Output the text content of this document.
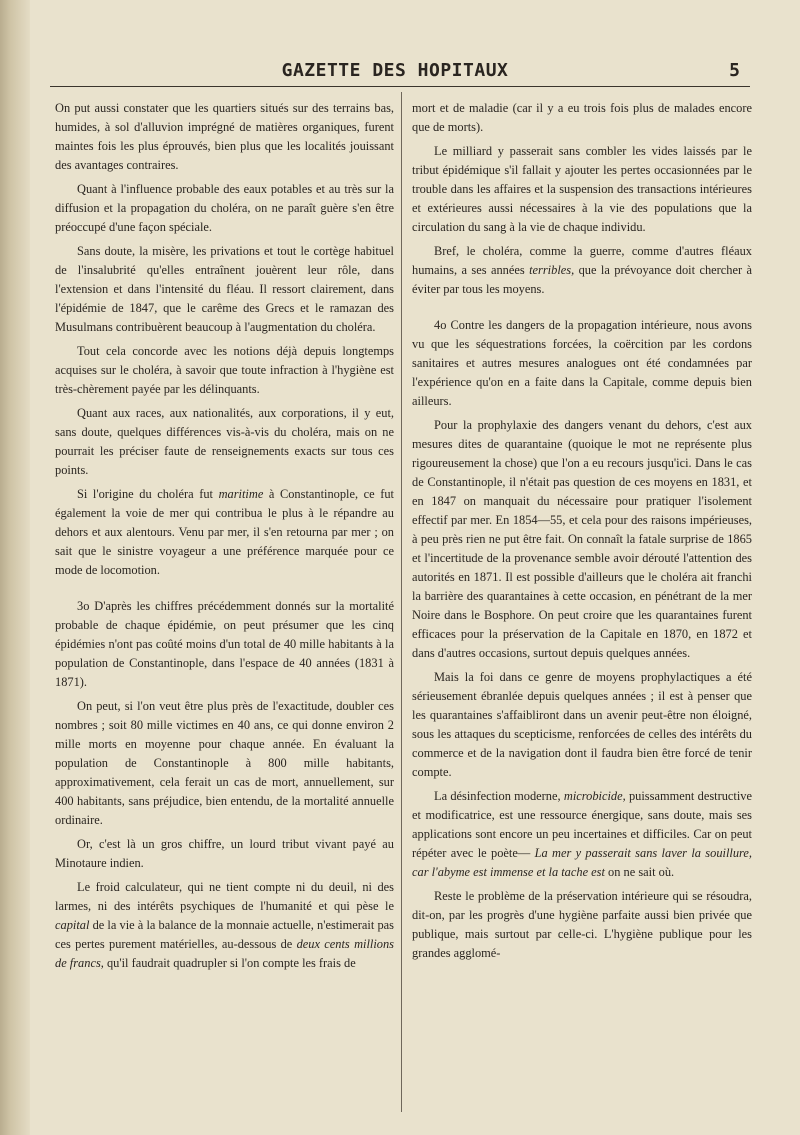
GAZETTE DES HOPITAUX	5

On put aussi constater que les quartiers situés sur des terrains bas, humides, à sol d'alluvion imprégné de matières organiques, furent maintes fois les plus éprouvés, bien plus que les localités jouissant des avantages contraires.

Quant à l'influence probable des eaux potables et au très sur la diffusion et la propagation du choléra, on ne paraît guère s'en être préoccupé d'une façon spéciale.

Sans doute, la misère, les privations et tout le cortège habituel de l'insalubrité qu'elles entraînent jouèrent leur rôle, dans l'extension et dans l'intensité du fléau. Il ressort clairement, dans l'épidémie de 1847, que le carême des Grecs et le ramazan des Musulmans contribuèrent beaucoup à l'augmentation du choléra.

Tout cela concorde avec les notions déjà depuis longtemps acquises sur le choléra, à savoir que toute infraction à l'hygiène est très-chèrement payée par les délinquants.

Quant aux races, aux nationalités, aux corporations, il y eut, sans doute, quelques différences vis-à-vis du choléra, mais on ne pourrait les préciser faute de renseignements exacts sur tous ces points.

Si l'origine du choléra fut maritime à Constantinople, ce fut également la voie de mer qui contribua le plus à le répandre au dehors et aux alentours. Venu par mer, il s'en retourna par mer ; on sait que le sinistre voyageur a une préférence marquée pour ce mode de locomotion.

3o D'après les chiffres précédemment donnés sur la mortalité probable de chaque épidémie, on peut présumer que les cinq épidémies n'ont pas coûté moins d'un total de 40 mille habitants à la population de Constantinople, dans l'espace de 40 années (1831 à 1871).

On peut, si l'on veut être plus près de l'exactitude, doubler ces nombres ; soit 80 mille victimes en 40 ans, ce qui donne environ 2 mille morts en moyenne pour chaque année. En évaluant la population de Constantinople à 800 mille habitants, approximativement, cela ferait un cas de mort, annuellement, sur 400 habitants, sans préjudice, bien entendu, de la mortalité annuelle ordinaire.

Or, c'est là un gros chiffre, un lourd tribut vivant payé au Minotaure indien.

Le froid calculateur, qui ne tient compte ni du deuil, ni des larmes, ni des intérêts psychiques de l'humanité et qui pèse le capital de la vie à la balance de la monnaie actuelle, n'estimerait pas ces pertes purement matérielles, au-dessous de deux cents millions de francs, qu'il faudrait quadrupler si l'on compte les frais de

mort et de maladie (car il y a eu trois fois plus de malades encore que de morts).

Le milliard y passerait sans combler les vides laissés par le tribut épidémique s'il fallait y ajouter les pertes occasionnées par le trouble dans les affaires et la suspension des transactions intérieures et extérieures aussi nécessaires à la vie des populations que la circulation du sang à la vie de chaque individu.

Bref, le choléra, comme la guerre, comme d'autres fléaux humains, a ses années terribles, que la prévoyance doit chercher à éviter par tous les moyens.

4o Contre les dangers de la propagation intérieure, nous avons vu que les séquestrations forcées, la coërcition par les cordons sanitaires et autres mesures analogues ont été condamnées par l'expérience qu'on en a faite dans la Capitale, comme depuis bien ailleurs.

Pour la prophylaxie des dangers venant du dehors, c'est aux mesures dites de quarantaine (quoique le mot ne représente plus rigoureusement la chose) que l'on a eu recours jusqu'ici. Dans le cas de Constantinople, il n'était pas question de ces moyens en 1831, et en 1847 on manquait du nécessaire pour pratiquer l'isolement effectif par mer. En 1854—55, et cela pour des raisons impérieuses, à peu près rien ne put être fait. On connaît la fatale surprise de 1865 et l'incertitude de la provenance semble avoir dérouté l'attention des autorités en 1871. Il est possible d'ailleurs que le choléra ait franchi la barrière des quarantaines à cette occasion, en pénétrant de la mer Noire dans le Bosphore. On peut croire que les quarantaines furent efficaces pour la préservation de la Capitale en 1870, en 1872 et dans d'autres occasions, surtout depuis quelques années.

Mais la foi dans ce genre de moyens prophylactiques a été sérieusement ébranlée depuis quelques années ; il est à penser que les quarantaines s'affaibliront dans un avenir peut-être non éloigné, sous les attaques du scepticisme, renforcées de celles des intérêts du commerce et de la navigation dont il faudra bien être forcé de tenir compte.

La désinfection moderne, microbicide, puissamment destructive et modificatrice, est une ressource énergique, sans doute, mais ses applications sont encore un peu incertaines et difficiles. Car on peut répéter avec le poète— La mer y passerait sans laver la souillure, car l'abyme est immense et la tache est on ne sait où.

Reste le problème de la préservation intérieure qui se résoudra, dit-on, par les progrès d'une hygiène parfaite aussi bien privée que publique, mais surtout par celle-ci. L'hygiène publique pour les grandes agglomé-
